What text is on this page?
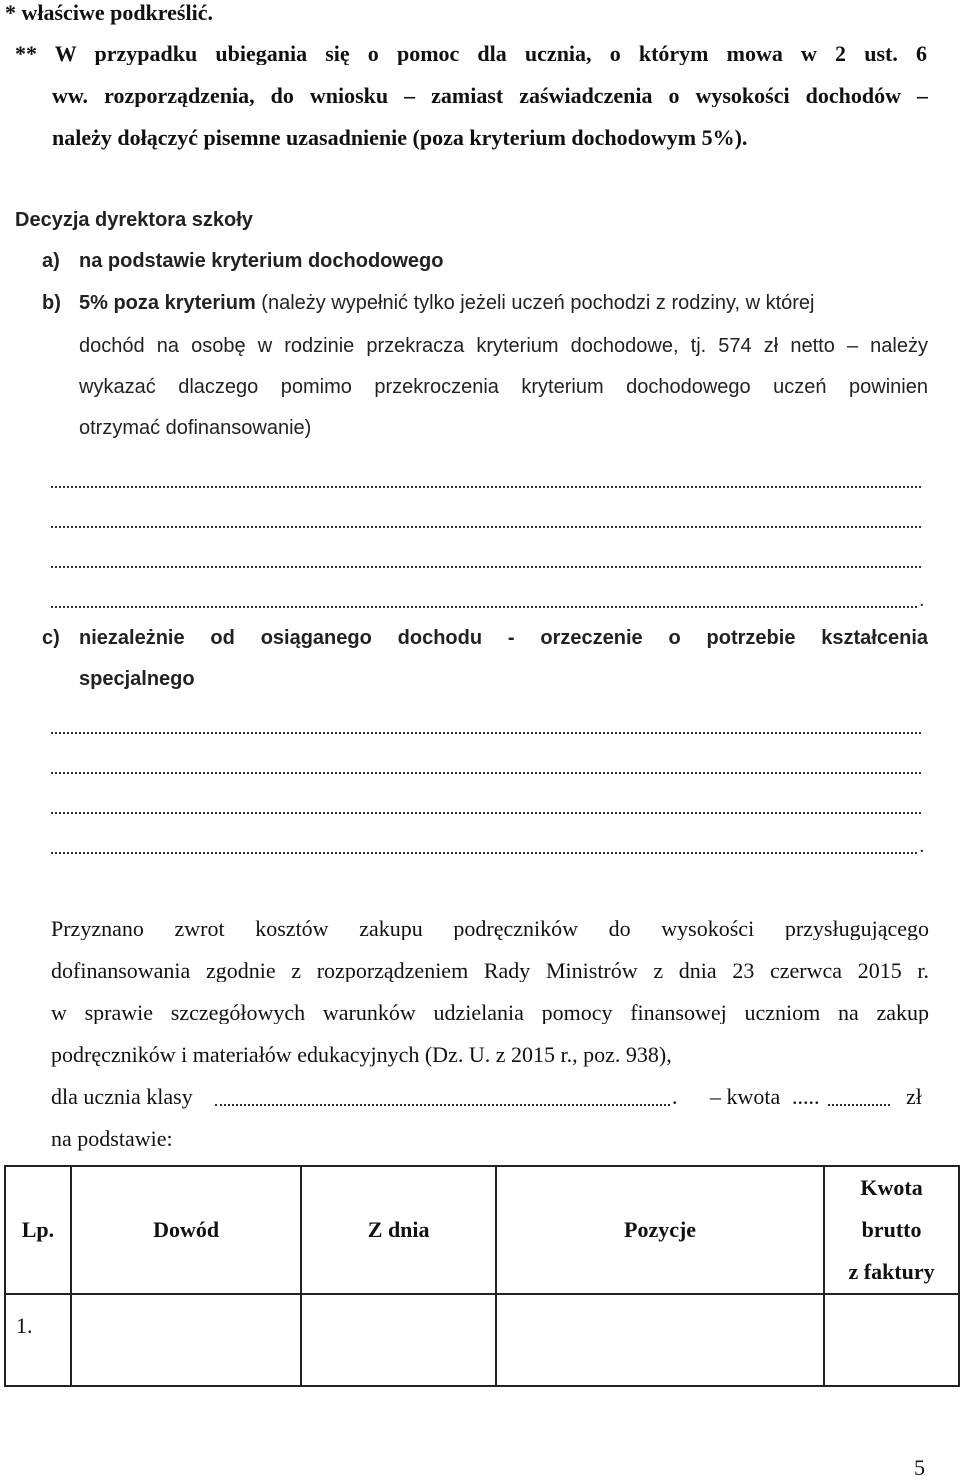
* właściwe podkreślić.
** W przypadku ubiegania się o pomoc dla ucznia, o którym mowa w 2 ust. 6
ww. rozporządzenia, do wniosku – zamiast zaświadczenia o wysokości dochodów –
należy dołączyć pisemne uzasadnienie (poza kryterium dochodowym 5%).
Decyzja dyrektora szkoły
a) na podstawie kryterium dochodowego
b) 5% poza kryterium (należy wypełnić tylko jeżeli uczeń pochodzi z rodziny, w której
dochód na osobę w rodzinie przekracza kryterium dochodowe, tj. 574 zł netto – należy
wykazać dlaczego pomimo przekroczenia kryterium dochodowego uczeń powinien
otrzymać dofinansowanie)
.
c) niezależnie od osiąganego dochodu - orzeczenie o potrzebie kształcenia
specjalnego
.
Przyznano zwrot kosztów zakupu podręczników do wysokości przysługującego
dofinansowania zgodnie z rozporządzeniem Rady Ministrów z dnia 23 czerwca 2015 r.
w sprawie szczegółowych warunków udzielania pomocy finansowej uczniom na zakup
podręczników i materiałów edukacyjnych (Dz. U. z 2015 r., poz. 938),
dla ucznia klasy	. – kwota .....	zł
na podstawie:
Lp.	Dowód	Z dnia	Pozycje	Kwota
brutto
z faktury

1.				
5
